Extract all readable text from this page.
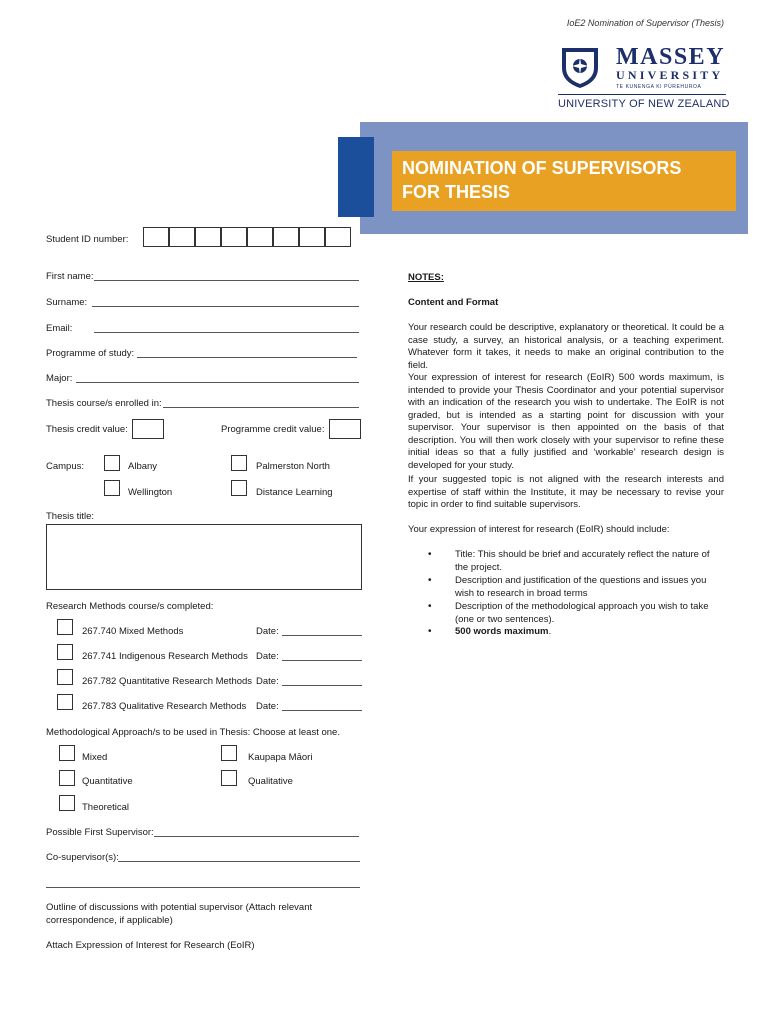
IoE2 Nomination of Supervisor (Thesis)
MASSEY
UNIVERSITY
TE KUNENGA KI PŪREHUROA
UNIVERSITY OF NEW ZEALAND
NOMINATION OF SUPERVISORS
FOR THESIS
Student ID number:
First name:
Surname:
Email:
Programme of study:
Major:
Thesis course/s enrolled in:
Thesis credit value:	Programme credit value:
Campus:	Albany	Palmerston North
Wellington	Distance Learning
Thesis title:
Research Methods course/s completed:
267.740 Mixed Methods	Date:
267.741 Indigenous Research Methods Date:
267.782 Quantitative Research Methods Date:
267.783 Qualitative Research Methods Date:
Methodological Approach/s to be used in Thesis: Choose at least one.
Mixed	Kaupapa Māori
Quantitative	Qualitative
Theoretical
Possible First Supervisor:
Co-supervisor(s):
Outline of discussions with potential supervisor (Attach relevant correspondence, if applicable)
Attach Expression of Interest for Research (EoIR)
NOTES:
Content and Format
Your research could be descriptive, explanatory or theoretical. It could be a case study, a survey, an historical analysis, or a teaching experiment. Whatever form it takes, it needs to make an original contribution to the field.
Your expression of interest for research (EoIR) 500 words maximum, is intended to provide your Thesis Coordinator and your potential supervisor with an indication of the research you wish to undertake. The EoIR is not graded, but is intended as a starting point for discussion with your supervisor. Your supervisor is then appointed on the basis of that description. You will then work closely with your supervisor to refine these initial ideas so that a fully justified and ‘workable’ research design is developed for your study.
If your suggested topic is not aligned with the research interests and expertise of staff within the Institute, it may be necessary to revise your topic in order to find suitable supervisors.
Your expression of interest for research (EoIR) should include:
• Title: This should be brief and accurately reflect the nature of the project.
• Description and justification of the questions and issues you wish to research in broad terms
• Description of the methodological approach you wish to take (one or two sentences).
• 500 words maximum.
